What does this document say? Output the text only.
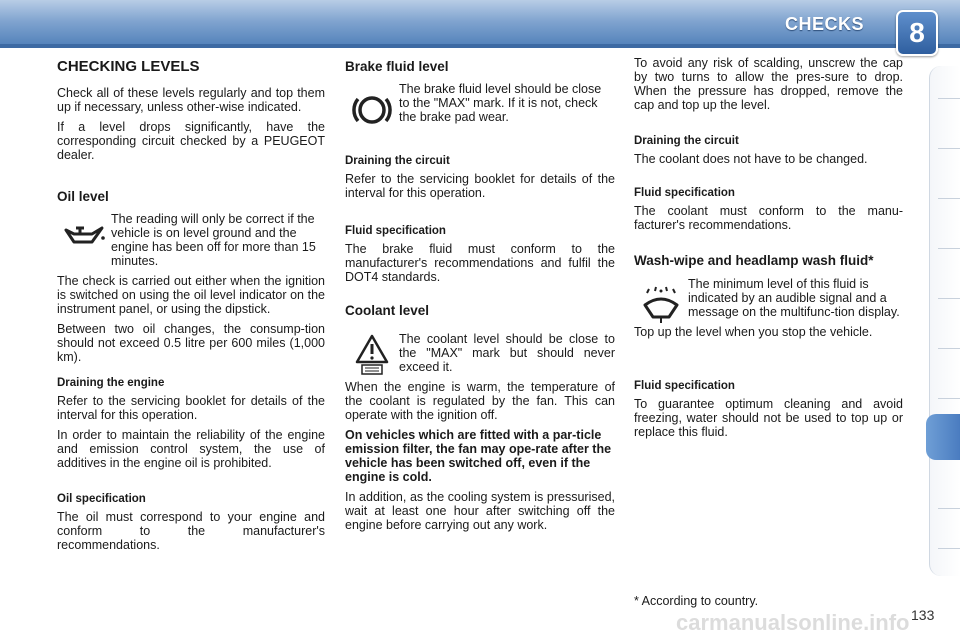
CHECKS	8
CHECKING LEVELS

Check all of these levels regularly and top them up if necessary, unless other-wise indicated.

If a level drops significantly, have the corresponding circuit checked by a PEUGEOT dealer.

Oil level

The reading will only be correct if the vehicle is on level ground and the engine has been off for more than 15 minutes.

The check is carried out either when the ignition is switched on using the oil level indicator on the instrument panel, or using the dipstick.

Between two oil changes, the consump-tion should not exceed 0.5 litre per 600 miles (1,000 km).

Draining the engine

Refer to the servicing booklet for details of the interval for this operation.

In order to maintain the reliability of the engine and emission control system, the use of additives in the engine oil is prohibited.

Oil specification

The oil must correspond to your engine and conform to the manufacturer's recommendations.

Brake fluid level

The brake fluid level should be close to the "MAX" mark. If it is not, check the brake pad wear.

Draining the circuit

Refer to the servicing booklet for details of the interval for this operation.

Fluid specification

The brake fluid must conform to the manufacturer's recommendations and fulfil the DOT4 standards.

Coolant level

The coolant level should be close to the "MAX" mark but should never exceed it.

When the engine is warm, the temperature of the coolant is regulated by the fan. This can operate with the ignition off.

On vehicles which are fitted with a par-ticle emission filter, the fan may ope-rate after the vehicle has been switched off, even if the engine is cold.

In addition, as the cooling system is pressurised, wait at least one hour after switching off the engine before carrying out any work.

To avoid any risk of scalding, unscrew the cap by two turns to allow the pres-sure to drop. When the pressure has dropped, remove the cap and top up the level.

Draining the circuit

The coolant does not have to be changed.

Fluid specification

The coolant must conform to the manu-facturer's recommendations.

Wash-wipe and headlamp wash fluid*

The minimum level of this fluid is indicated by an audible signal and a message on the multifunc-tion display.

Top up the level when you stop the vehicle.

Fluid specification

To guarantee optimum cleaning and avoid freezing, water should not be used to top up or replace this fluid.

* According to country.
carmanualsonline.info 133
